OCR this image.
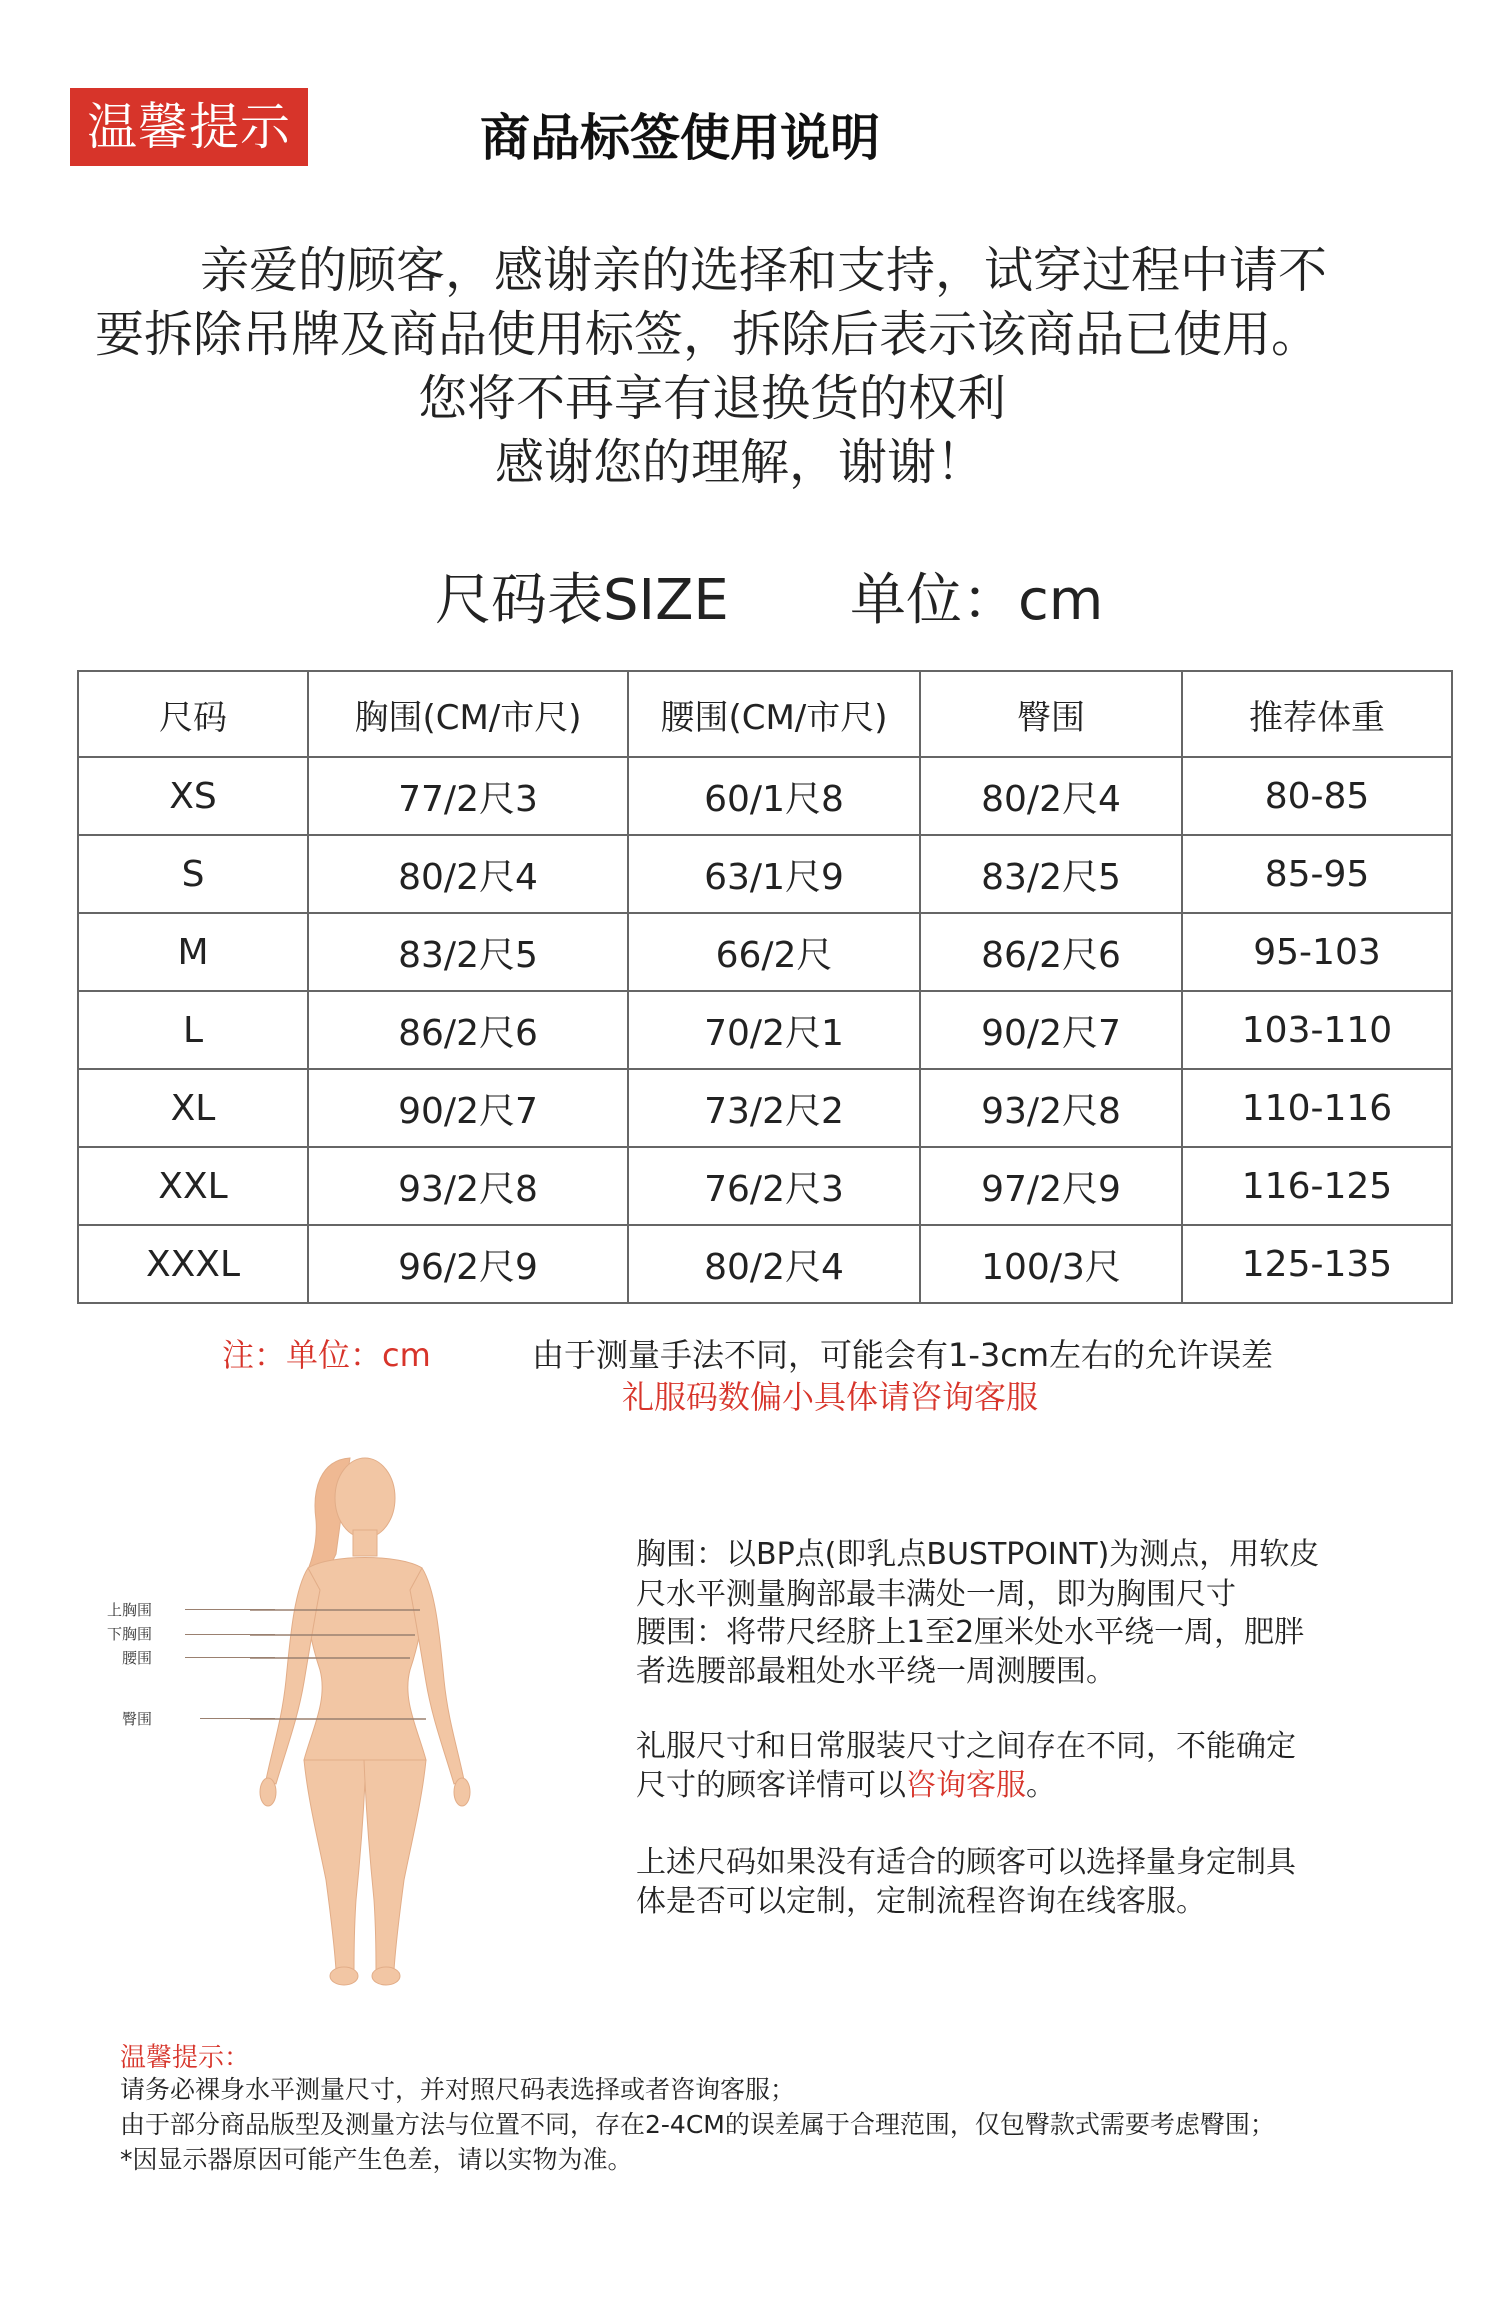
温馨提示	商品标签使用说明
亲爱的顾客，感谢亲的选择和支持，试穿过程中请不
要拆除吊牌及商品使用标签，拆除后表示该商品已使用。
您将不再享有退换货的权利
感谢您的理解，谢谢！
尺码表SIZE 单位：cm
尺码	胸围(CM/市尺)	腰围(CM/市尺)	臀围	推荐体重
XS	77/2尺3	60/1尺8	80/2尺4	80-85
S	80/2尺4	63/1尺9	83/2尺5	85-95
M	83/2尺5	66/2尺	86/2尺6	95-103
L	86/2尺6	70/2尺1	90/2尺7	103-110
XL	90/2尺7	73/2尺2	93/2尺8	110-116
XXL	93/2尺8	76/2尺3	97/2尺9	116-125
XXXL	96/2尺9	80/2尺4	100/3尺	125-135
注：单位：cm	由于测量手法不同，可能会有1-3cm左右的允许误差
礼服码数偏小具体请咨询客服
上胸围
下胸围
腰围
臀围
胸围：以BP点(即乳点BUSTPOINT)为测点，用软皮
尺水平测量胸部最丰满处一周，即为胸围尺寸
腰围：将带尺经脐上1至2厘米处水平绕一周，肥胖
者选腰部最粗处水平绕一周测腰围。
礼服尺寸和日常服装尺寸之间存在不同，不能确定
尺寸的顾客详情可以咨询客服。
上述尺码如果没有适合的顾客可以选择量身定制具
体是否可以定制，定制流程咨询在线客服。
温馨提示：
请务必裸身水平测量尺寸，并对照尺码表选择或者咨询客服；
由于部分商品版型及测量方法与位置不同，存在2-4CM的误差属于合理范围，仅包臀款式需要考虑臀围；
*因显示器原因可能产生色差，请以实物为准。
